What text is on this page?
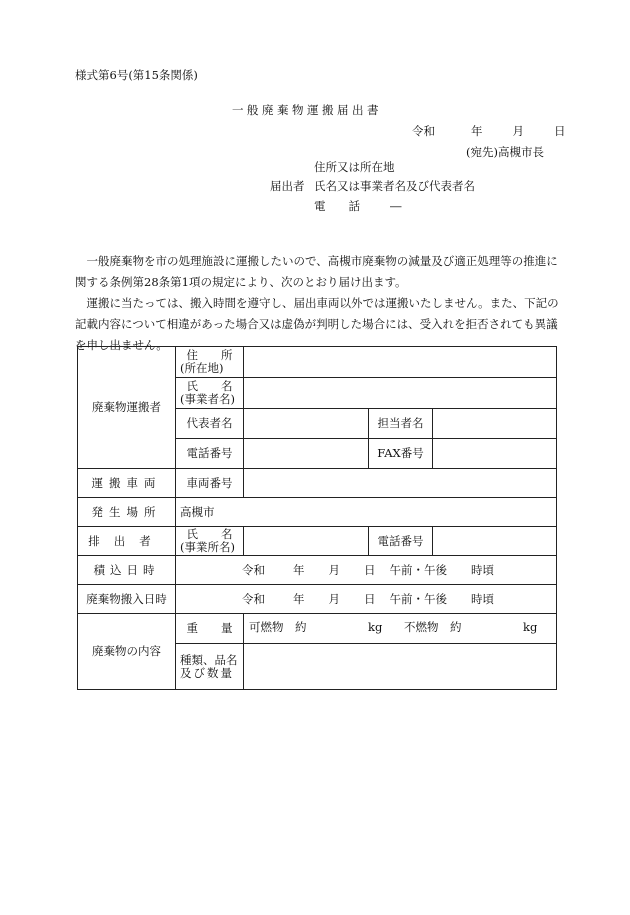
様式第6号(第15条関係)
一般廃棄物運搬届出書
令和	年	月	日
(宛先)高槻市長
住所又は所在地
届出者 氏名又は事業者名及び代表者名
電　　話	―
一般廃棄物を市の処理施設に運搬したいので、高槻市廃棄物の減量及び適正処理等の推進に関する条例第28条第1項の規定により、次のとおり届け出ます。
運搬に当たっては、搬入時間を遵守し、届出車両以外では運搬いたしません。また、下記の記載内容について相違があった場合又は虚偽が判明した場合には、受入れを拒否されても異議を申し出ません。
廃棄物運搬者	住　　所
(所在地)			

	氏　　名
(事業者名)			

	代表者名		担当者名	
	電話番号		FAX番号	
運搬車両	車両番号			
発生場所	高槻市			
排出者	氏　　名
(事業所名)		電話番号	
積込日時	令和 年 月 日 午前・午後 時頃			
廃棄物搬入日時	令和 年 月 日 午前・午後 時頃			
廃棄物の内容	重　　量	可燃物　約 kg 不燃物　約 kg		

	種類、品名
及び数量			
